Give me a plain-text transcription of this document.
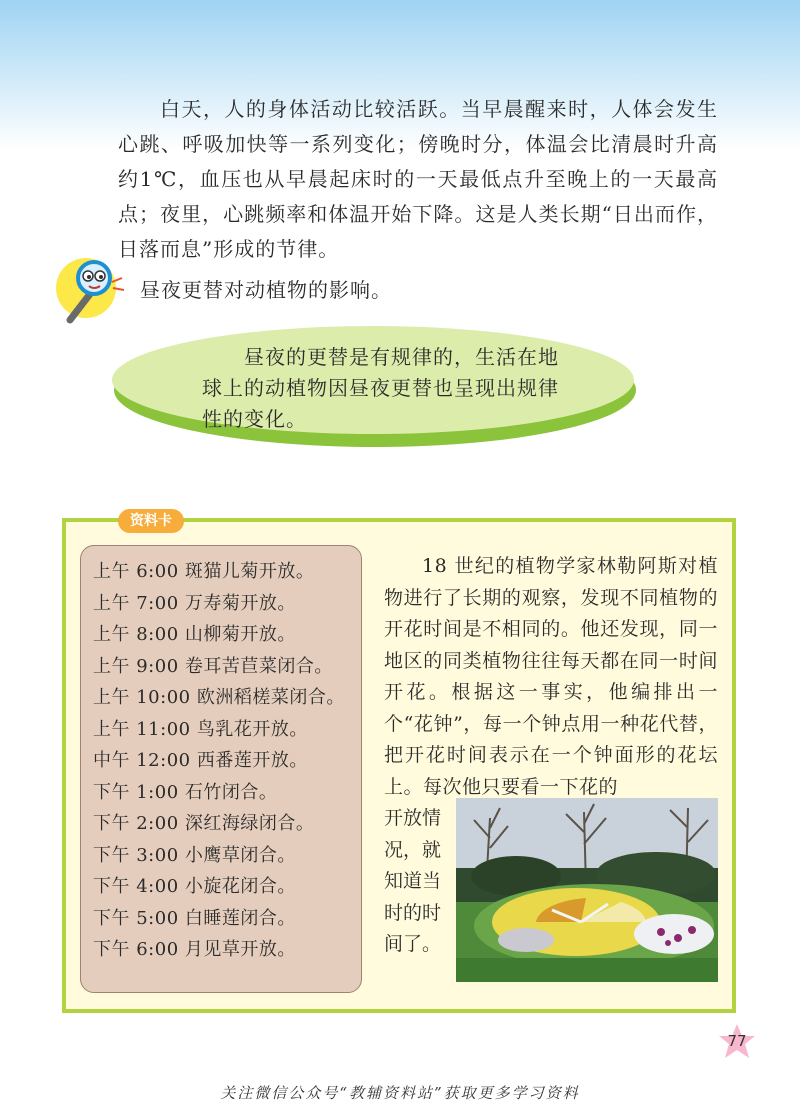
白天，人的身体活动比较活跃。当早晨醒来时，人体会发生心跳、呼吸加快等一系列变化；傍晚时分，体温会比清晨时升高约1℃，血压也从早晨起床时的一天最低点升至晚上的一天最高点；夜里，心跳频率和体温开始下降。这是人类长期“日出而作，日落而息”形成的节律。

昼夜更替对动植物的影响。

昼夜的更替是有规律的，生活在地球上的动植物因昼夜更替也呈现出规律性的变化。

资料卡
上午 6:00 斑猫儿菊开放。
上午 7:00 万寿菊开放。
上午 8:00 山柳菊开放。
上午 9:00 卷耳苦苣菜闭合。
上午 10:00 欧洲稻槎菜闭合。
上午 11:00 鸟乳花开放。
中午 12:00 西番莲开放。
下午 1:00 石竹闭合。
下午 2:00 深红海绿闭合。
下午 3:00 小鹰草闭合。
下午 4:00 小旋花闭合。
下午 5:00 白睡莲闭合。
下午 6:00 月见草开放。

18 世纪的植物学家林勒阿斯对植物进行了长期的观察，发现不同植物的开花时间是不相同的。他还发现，同一地区的同类植物往往每天都在同一时间开花。根据这一事实，他编排出一个“花钟”，每一个钟点用一种花代替，把开花时间表示在一个钟面形的花坛上。每次他只要看一下花的

开放情
况，就
知道当
时的时
间了。
77
关注微信公众号“教辅资料站”获取更多学习资料
